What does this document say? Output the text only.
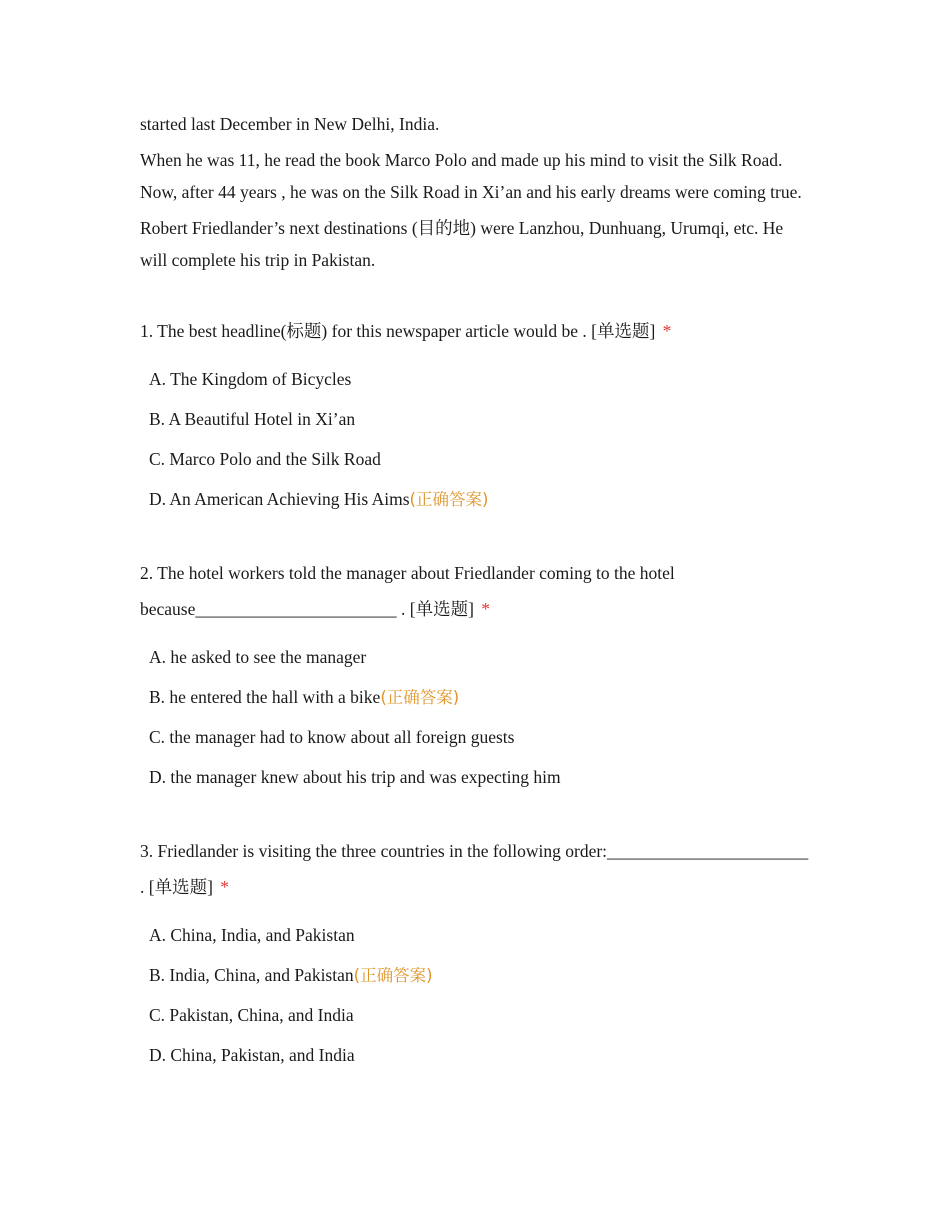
started last December in New Delhi, India.

When he was 11, he read the book Marco Polo and made up his mind to visit the Silk Road. Now, after 44 years , he was on the Silk Road in Xi’an and his early dreams were coming true.

Robert Friedlander’s next destinations (目的地) were Lanzhou, Dunhuang, Urumqi, etc. He will complete his trip in Pakistan.

1. The best headline(标题) for this newspaper article would be . [单选题] *

A. The Kingdom of Bicycles
B. A Beautiful Hotel in Xi’an
C. Marco Polo and the Silk Road
D. An American Achieving His Aims(正确答案)

2. The hotel workers told the manager about Friedlander coming to the hotel because_______________________ . [单选题] *

A. he asked to see the manager
B. he entered the hall with a bike(正确答案)
C. the manager had to know about all foreign guests
D. the manager knew about his trip and was expecting him

3. Friedlander is visiting the three countries in the following order:_______________________ . [单选题] *

A. China, India, and Pakistan
B. India, China, and Pakistan(正确答案)
C. Pakistan, China, and India
D. China, Pakistan, and India
